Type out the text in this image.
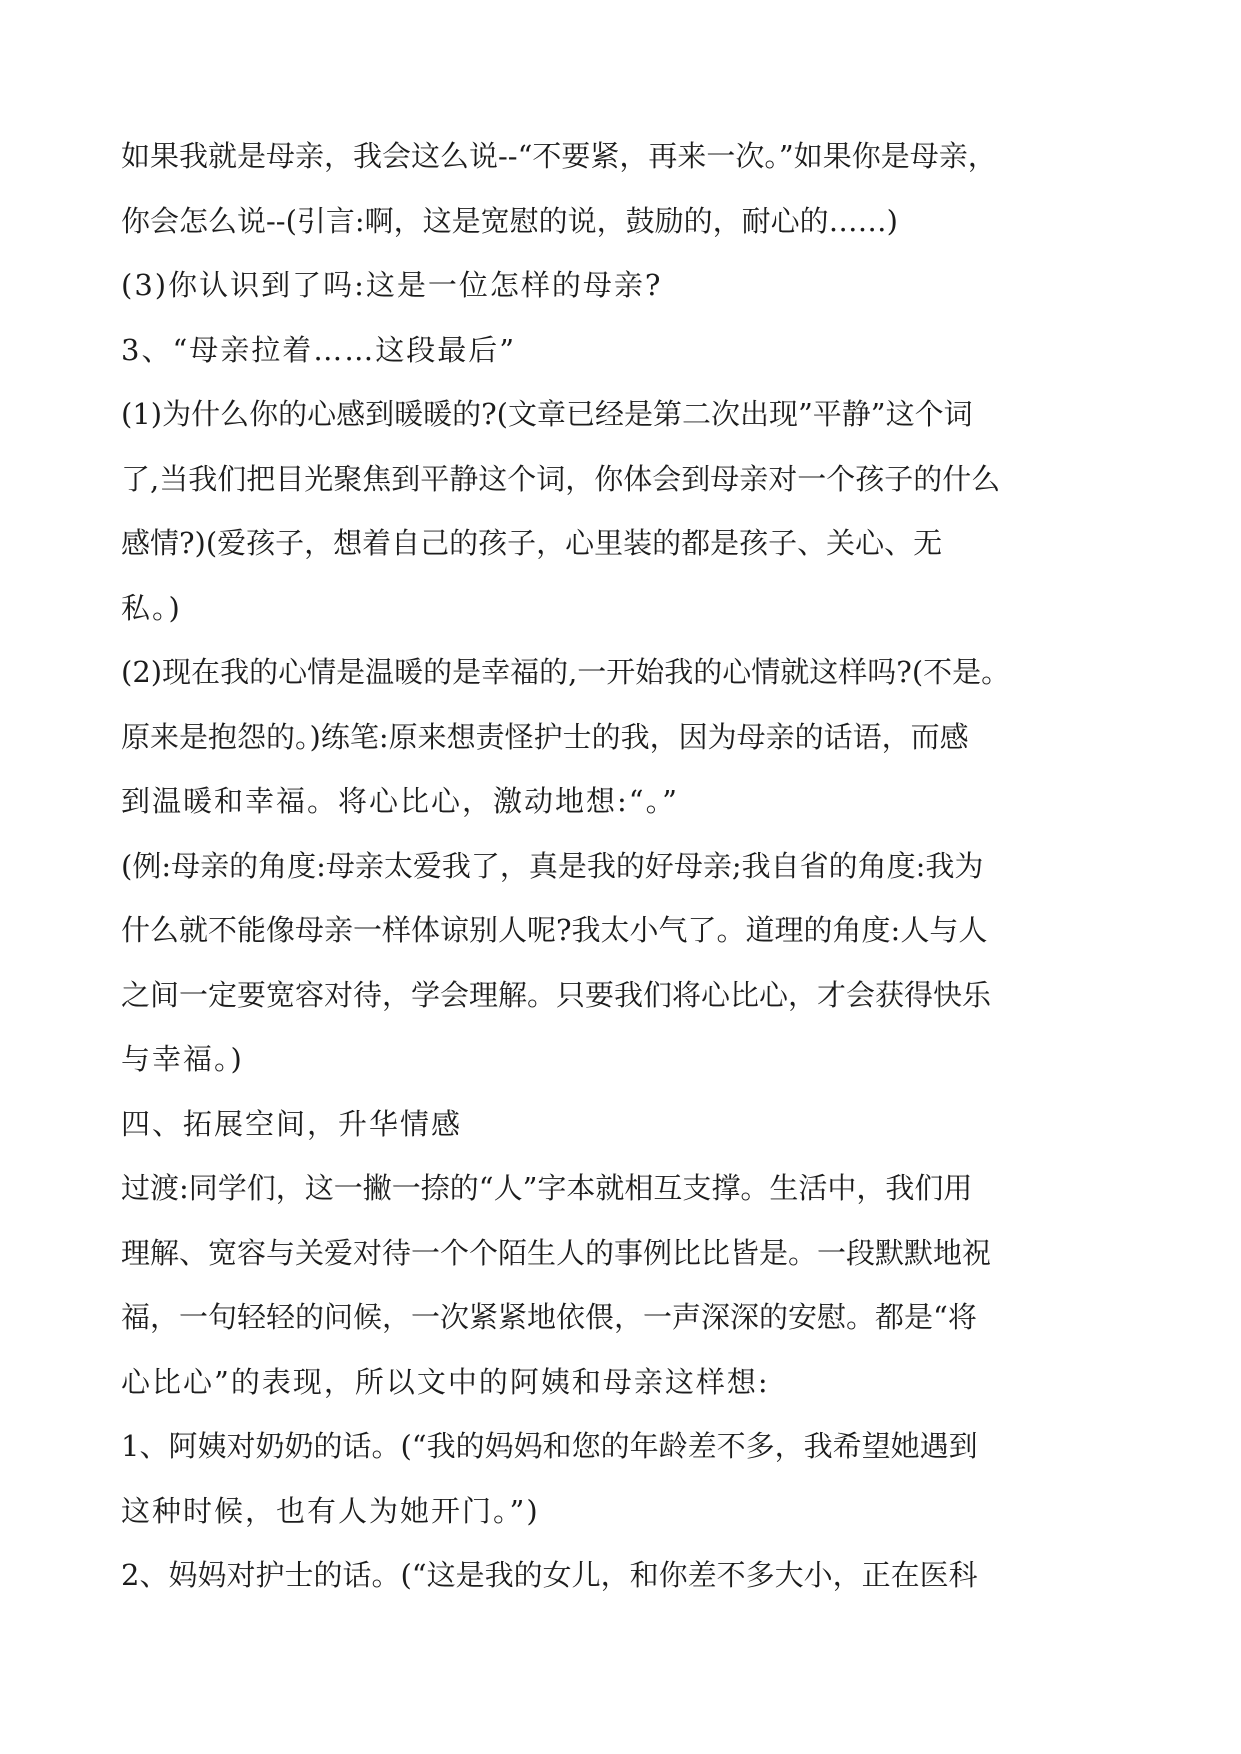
如果我就是母亲，我会这么说--“不要紧，再来一次。”如果你是母亲，
你会怎么说--(引言:啊，这是宽慰的说，鼓励的，耐心的……)
(3)你认识到了吗:这是一位怎样的母亲?
3、“母亲拉着……这段最后”
(1)为什么你的心感到暖暖的?(文章已经是第二次出现”平静”这个词
了,当我们把目光聚焦到平静这个词，你体会到母亲对一个孩子的什么
感情?)(爱孩子，想着自己的孩子，心里装的都是孩子、关心、无
私。)
(2)现在我的心情是温暖的是幸福的,一开始我的心情就这样吗?(不是。
原来是抱怨的。)练笔:原来想责怪护士的我，因为母亲的话语，而感
到温暖和幸福。将心比心，激动地想:“。”
(例:母亲的角度:母亲太爱我了，真是我的好母亲;我自省的角度:我为
什么就不能像母亲一样体谅别人呢?我太小气了。道理的角度:人与人
之间一定要宽容对待，学会理解。只要我们将心比心，才会获得快乐
与幸福。)
四、拓展空间，升华情感
过渡:同学们，这一撇一捺的“人”字本就相互支撑。生活中，我们用
理解、宽容与关爱对待一个个陌生人的事例比比皆是。一段默默地祝
福，一句轻轻的问候，一次紧紧地依偎，一声深深的安慰。都是“将
心比心”的表现，所以文中的阿姨和母亲这样想:
1、阿姨对奶奶的话。(“我的妈妈和您的年龄差不多，我希望她遇到
这种时候，也有人为她开门。”)
2、妈妈对护士的话。(“这是我的女儿，和你差不多大小，正在医科
